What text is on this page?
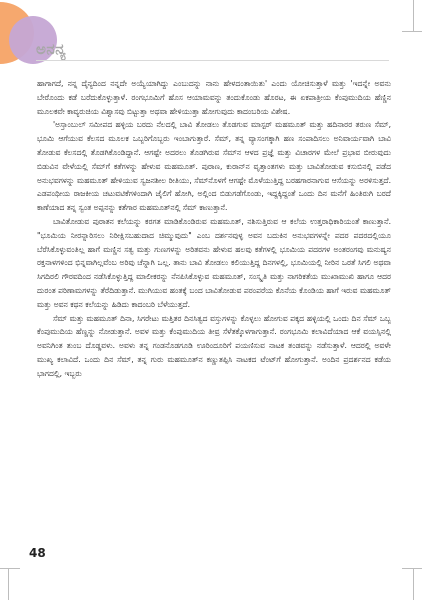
ಅನನ್ಯ

ಹಾಗಾಗದೆ, ನನ್ನ ದೈನ್ಯದಿಂದ ನನ್ನದೇ ಅಯ್ಯೆಯಾಗಿದ್ದು ಎಂಬುದನ್ನು ನಾನು ಹೇಳದಂತಾಯಿತು' ಎಂದು ಯೋಚಿಸುತ್ತಾಳೆ ಮತ್ತು 'ಇದನ್ನೇ ಅವನು ಬೇರೊಂದು ಕಡೆ ಬರೆದುಕೊಳ್ಳುತ್ತಾಳೆ. ರಂಗಭೂಮಿಗೆ ಹೊಸ ಆಯಾಮವನ್ನು ತಂದುಕೊಂಡು ಹೊರಟ, ಈ ಏಕಪಾತ್ರೀಯ ಕೆಂಪುಮುದಿಯ ಹೆಣ್ಣಿನ ಮೂಲಕವೇ ಕಾವ್ಯರುಚಿಯ ವಿಶ್ವಾಸವು ಬಿಟ್ಟುತ್ತಾ ಅಥವಾ ಹೇಳಿಯುತ್ತಾ ಹೋಗುವುದು ಕಾದಂಬರಿಯ ವಿಶೇಷ.

'ಅಸ್ತಾಂಬುಲ್ ಸಮೀಪದ ಹಳ್ಳಿಯ ಬರದು ನೆಲದಲ್ಲಿ ಬಾವಿ ತೋಡಲು ತೊಡಗುವ ಮಾಸ್ಟರ್ ಮಹಮೂತ್ ಮತ್ತು ಹದಿನಾರರ ತರುಣ ಸೆಮ್, ಭೂಮಿ ಆಗೆಯುವ ಕೆಲಸದ ಮೂಲಕ ಒಬ್ಬರಿಗೊಬ್ಬರು ಇಂಬಾಗುತ್ತಾರೆ. ಸೆಮ್, ತನ್ನ ವ್ಯಾಸಂಗಕ್ಕಾಗಿ ಹಣ ಸಂಪಾದಿಸಲು ಅನಿವಾರ್ಯವಾಗಿ ಬಾವಿ ತೋಡುವ ಕೆಲಸದಲ್ಲಿ ತೊಡಗಿಕೊಂಡಿದ್ದಾನೆ. ಆಗಷ್ಟೇ ಅದರಲು ತೊಡಗಿರುವ ಸೆಮ್‌ನ ಆಳದ ಪ್ರಜ್ಞೆ ಮತ್ತು ವಿಚಾರಗಳ ಮೇಲೆ ಪ್ರಭಾವ ಬೀರುವುದು ಬಿಡುವಿನ ವೇಳೆಯಲ್ಲಿ ಸೆಮ್‌ಗೆ ಕತೆಗಳನ್ನು ಹೇಳುವ ಮಹಮೂತ್. ಪುರಾಣ, ಕುರಾನ್‌ನ ವೃತ್ತಾಂತಗಳು ಮತ್ತು ಬಾವಿತೋಡುವ ಕಸುಬಿನಲ್ಲಿ ಪಡೆದ ಅನುಭವಗಳನ್ನು ಮಹಮೂತ್ ಹೇಳಿಯುವ ಸ್ವಜನಶೀಲ ರೀತಿಯು, ಸೆಮ್‌ನೊಳಗೆ ಆಗಷ್ಟೇ ಮೊಳೆಯುತ್ತಿದ್ದ ಬರಹಗಾರನಾಗುವ ಆಸೆಯನ್ನು ಅರಳಿಸುತ್ತದೆ. ಎಡಪಂಥೀಯ ರಾಜಕೀಯ ಚಟುವಟಿಕೆಗಳಿಂದಾಗಿ ಜೈಲಿಗೆ ಹೋಗಿ, ಅಲ್ಲಿಂದ ಬಿಡುಗಡೆಗೊಂಡು, ಇದ್ದಕ್ಕಿದ್ದಂತೆ ಒಂದು ದಿನ ಮನೆಗೆ ಹಿಂತಿರುಗಿ ಬರದೆ ಕಾಣೆಯಾದ ತನ್ನ ಸ್ವಂತ ಅಪ್ಪನನ್ನು ಕತೆಗಾರ ಮಹಮೂತ್‌ನಲ್ಲಿ ಸೆಮ್ ಕಾಣುತ್ತಾನೆ.

ಬಾವಿತೋಡುವ ಪುರಾತನ ಕಲೆಯನ್ನು ಕರಗತ ಮಾಡಿಕೊಂಡಿರುವ ಮಹಮೂತ್, ನಶಿಸುತ್ತಿರುವ ಆ ಕಲೆಯ ಉತ್ತರಾಧಿಕಾರಿಯಂತೆ ಕಾಣುತ್ತಾನೆ. "ಭೂಮಿಯ ನೀರನ್ನಾರಿಸಲು ನಿರೀಕ್ಷಿಸಬಹುದಾದ ಚಿಮ್ಮುವುದು" ಎಂಬ ದರ್ಶನವುಳ್ಳ ಅವನ ಬದುಕಿನ ಅನುಭವಗಳನ್ನೇ ಪದರ ಪದರದಲ್ಲಿಯೂ ಬೆರೆಸಿಕೊಳ್ಳುವಂತಿಲ್ಲ ಹಾಗೆ ಮಣ್ಣಿನ ಸತ್ವ ಮತ್ತು ಗುಣಗಳನ್ನು ಅರಿತವನು ಹೇಳುವ ಹಲವು ಕತೆಗಳಲ್ಲಿ ಭೂಮಿಯ ಪದರಗಳ ಅಂತರಂಗವು ಮನುಷ್ಯನ ರಕ್ತನಾಳಗಳಿಂದ ಭಿನ್ನವಾಗಿಲ್ಲವೆಂಬ ಅರಿವು ಚೆನ್ನಾಗಿ ಒಲ್ಲ. ತಾನು ಬಾವಿ ತೋಡಲು ಕಲಿಯುತ್ತಿದ್ದ ದಿನಗಳಲ್ಲಿ, ಭೂಮಿಯಲ್ಲಿ ನೀರಿನ ಒರತೆ ಸಿಗಲಿ ಅಥವಾ ಸಿಗದಿರಲಿ ಗೌರವದಿಂದ ನಡೆಸಿಕೊಳ್ಳುತ್ತಿದ್ದ ಮಾಲೀಕರನ್ನು ನೆನಪಿಸಿಕೊಳ್ಳುವ ಮಹಮೂತ್, ಸಂಸ್ಕೃತಿ ಮತ್ತು ನಾಗರಿಕತೆಯ ಮುಖಾಮುಖಿ ಹಾಗೂ ಆದರ ದುರಂತ ಪರಿಣಾಮಗಳನ್ನು ತೆರೆದಿಡುತ್ತಾನೆ. ಮುಗಿಯುವ ಹಂತಕ್ಕೆ ಬಂದ ಬಾವಿತೋಡುವ ಪರಂಪರೆಯ ಕೊನೆಯ ಕೊಂಡಿಯ ಹಾಗೆ ಇರುವ ಮಹಮೂತ್ ಮತ್ತು ಅವನ ಕಥನ ಕಲೆಯನ್ನು ಹಿಡಿದು ಕಾದಂಬರಿ ಬೆಳೆಯುತ್ತದೆ.

ಸೆಮ್ ಮತ್ತು ಮಹಮೂತ್ ದಿನಾ, ಸಿಗರೇಟು ಮತ್ತಿತರ ದಿನಸಿತ್ವದ ವಸ್ತುಗಳನ್ನು ಕೊಳ್ಳಲು ಹೋಗುವ ಪಕ್ಕದ ಹಳ್ಳಿಯಲ್ಲಿ ಒಂದು ದಿನ ಸೆಮ್ ಒಬ್ಬ ಕೆಂಪುಮುದಿಯ ಹೆಣ್ಣನ್ನು ನೋಡುತ್ತಾನೆ. ಅವಳ ಮತ್ತು ಕೆಂಪುಮುದಿಯ ತೀವ್ರ ಸೆಳೆತಕ್ಕೊಳಗಾಗುತ್ತಾನೆ. ರಂಗಭೂಮಿ ಕಲಾವಿದೆಯಾದ ಆಕೆ ವಯಸ್ಸಿನಲ್ಲಿ ಅವನಿಗಿಂತ ತುಂಬ ದೊಡ್ಡವಳು. ಅವಳು ತನ್ನ ಗಂಡನೊಡಗೂಡಿ ಊರಿಂದೂರಿಗೆ ಪಯಣಿಸುವ ನಾಟಕ ತಂಡವನ್ನು ನಡೆಸುತ್ತಾಳೆ. ಆದರಲ್ಲಿ ಅವಳೇ ಮುಖ್ಯ ಕಲಾವಿದೆ. ಒಂದು ದಿನ ಸೆಮ್, ತನ್ನ ಗುರು ಮಹಮೂತ್‌ನ ಕಣ್ಣುತಪ್ಪಿಸಿ ನಾಟಕದ ಟೆಂಟ್‌ಗೆ ಹೋಗುತ್ತಾನೆ. ಅಂದಿನ ಪ್ರದರ್ಶನದ ಕಡೆಯ ಭಾಗದಲ್ಲಿ, ಇಬ್ಬರು

48
